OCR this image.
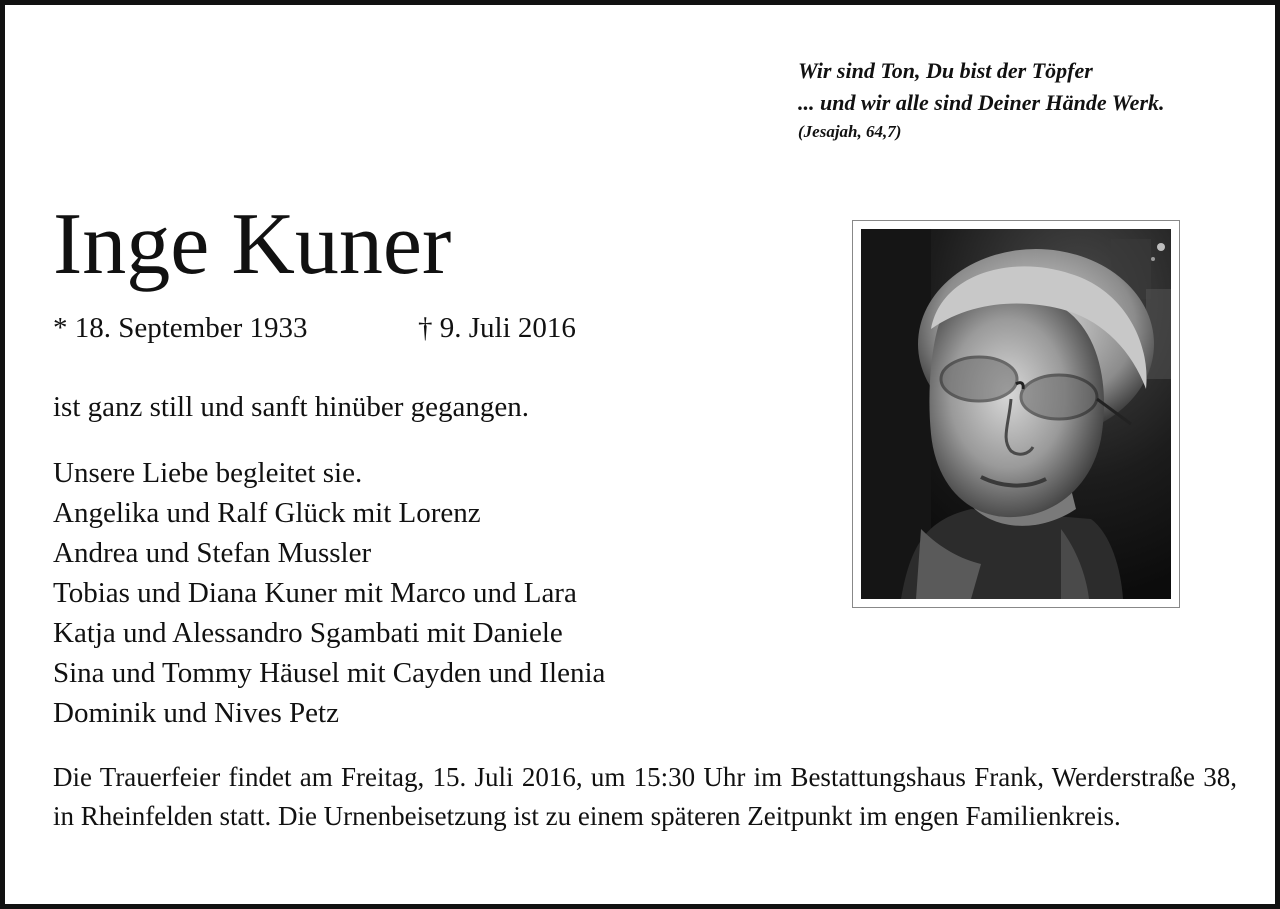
Wir sind Ton, Du bist der Töpfer
... und wir alle sind Deiner Hände Werk.
(Jesajah, 64,7)
Inge Kuner
* 18. September 1933	† 9. Juli 2016
ist ganz still und sanft hinüber gegangen.
Unsere Liebe begleitet sie.
Angelika und Ralf Glück mit Lorenz
Andrea und Stefan Mussler
Tobias und Diana Kuner mit Marco und Lara
Katja und Alessandro Sgambati mit Daniele
Sina und Tommy Häusel mit Cayden und Ilenia
Dominik und Nives Petz
Die Trauerfeier findet am Freitag, 15. Juli 2016, um 15:30 Uhr im Bestattungshaus Frank, Werderstraße 38, in Rheinfelden statt. Die Urnenbeisetzung ist zu einem späteren Zeitpunkt im engen Familienkreis.
